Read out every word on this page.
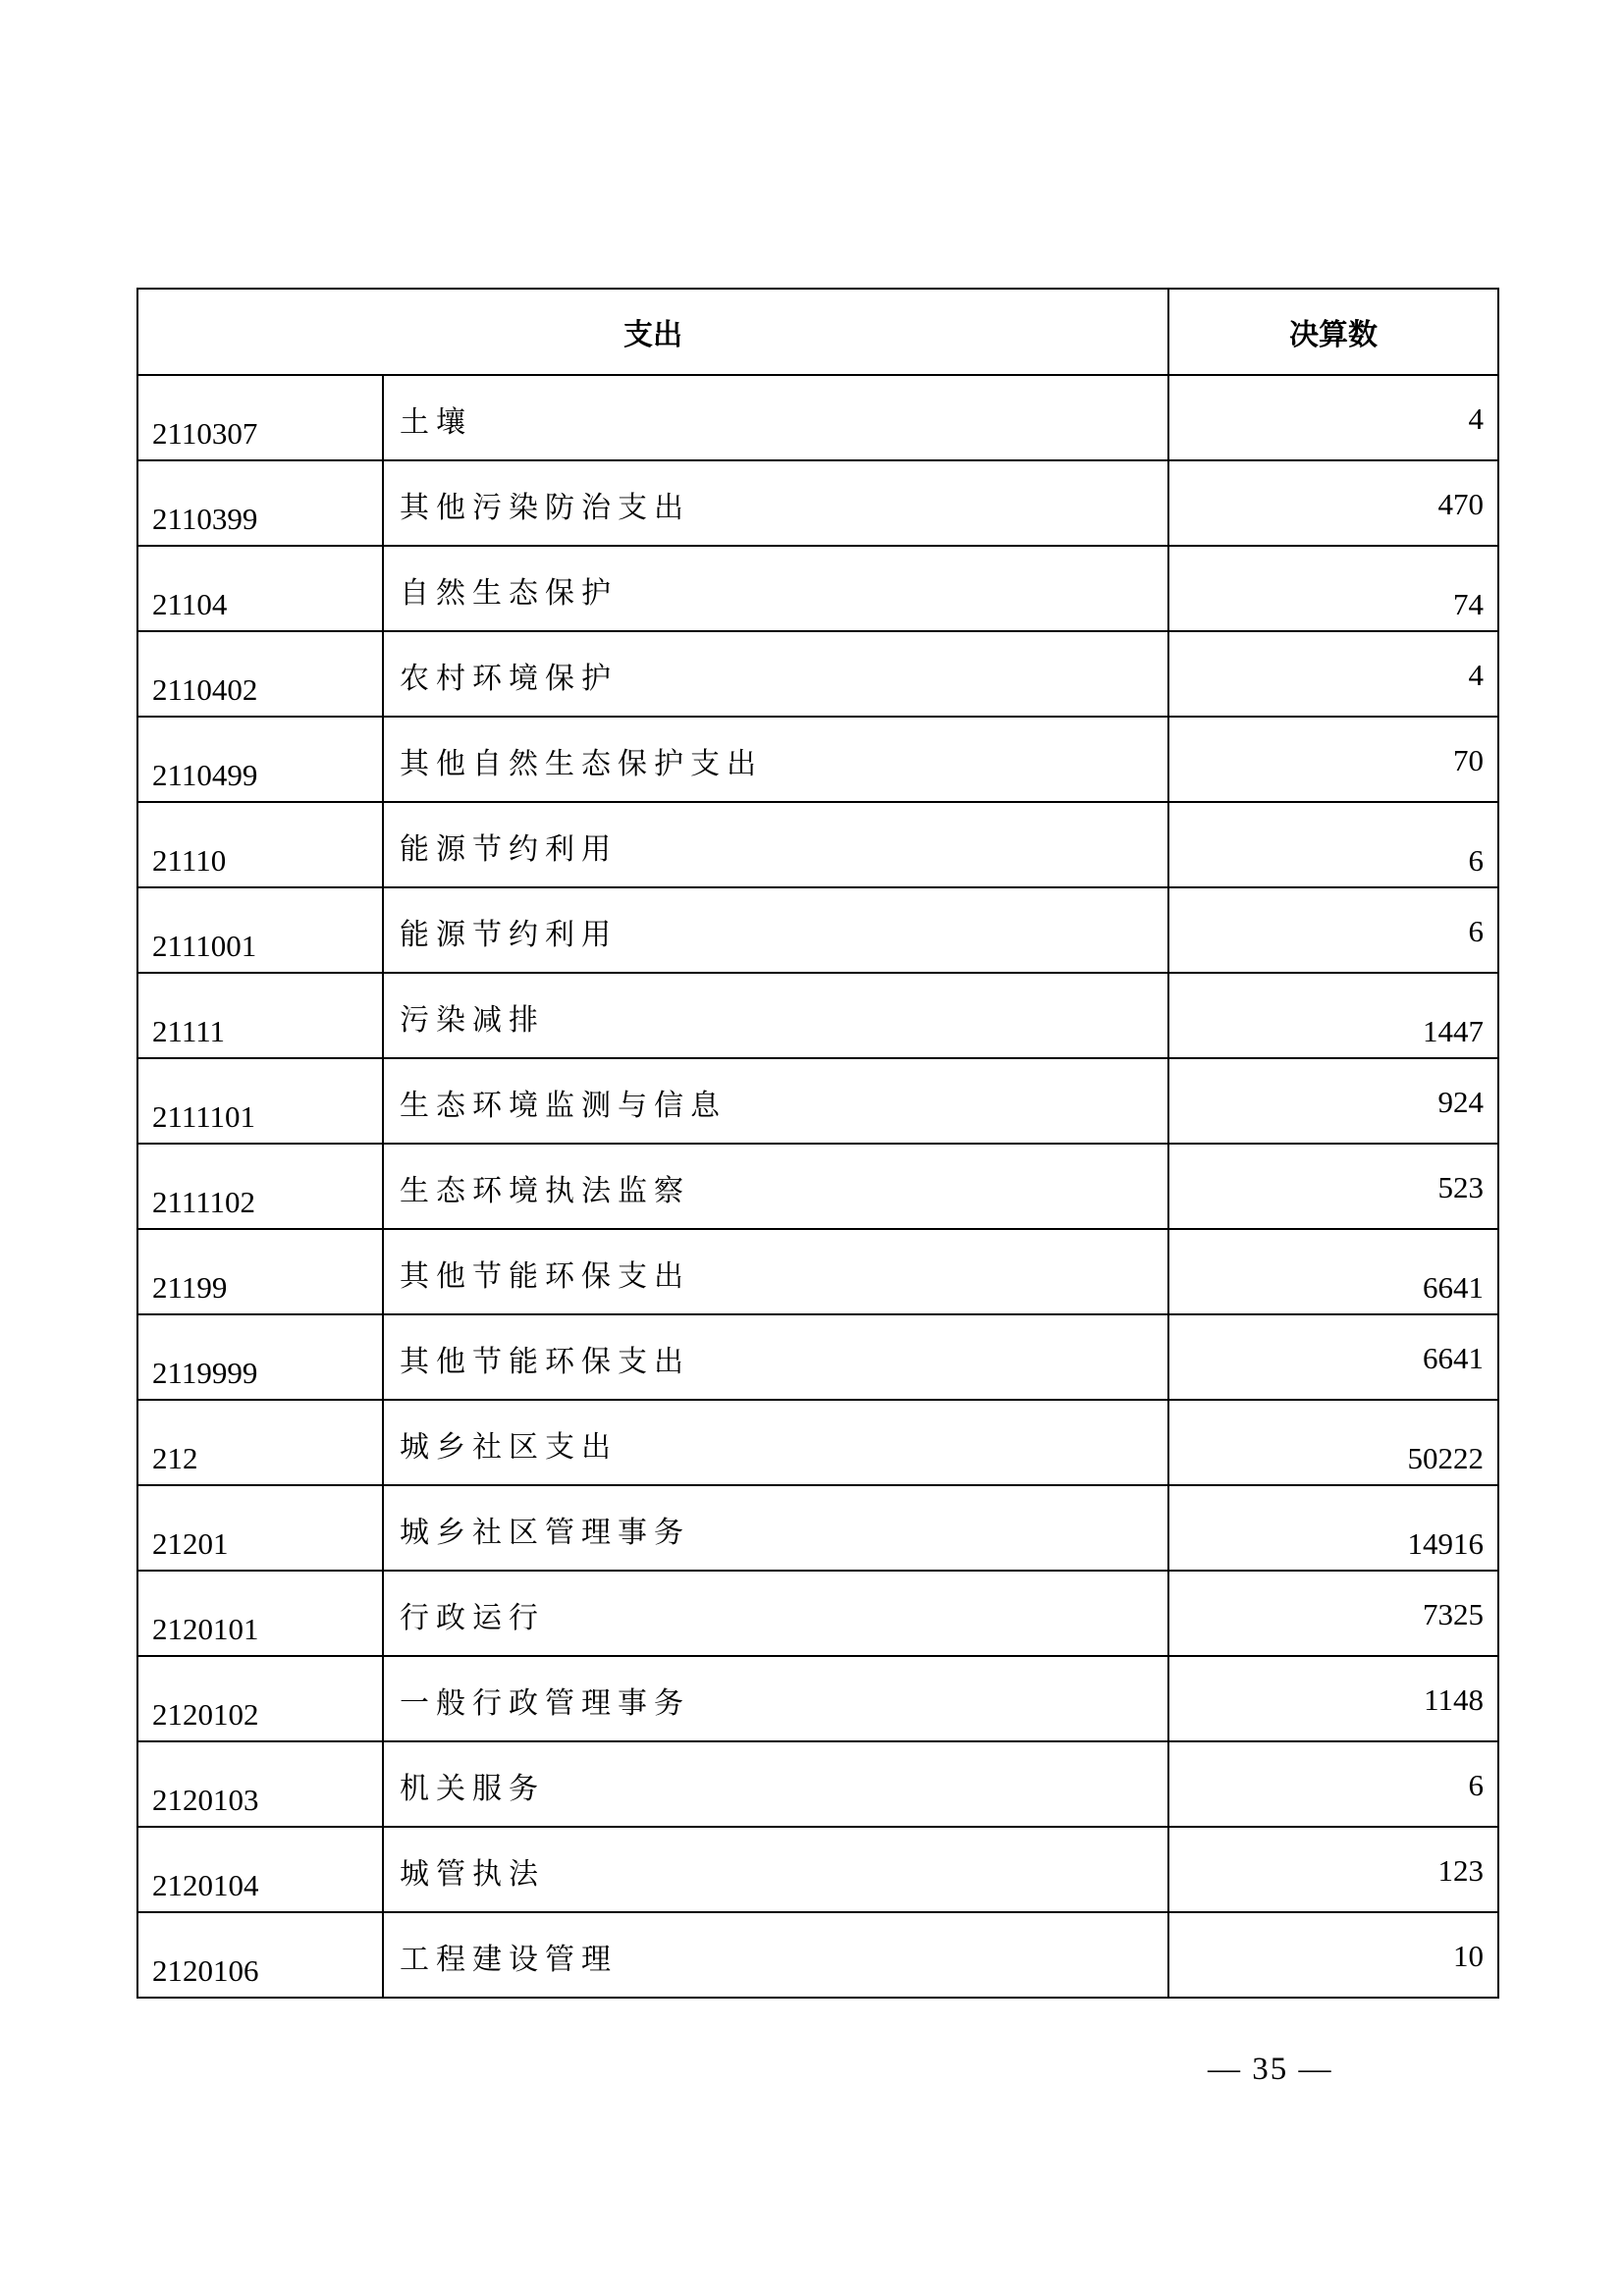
支出		决算数

2110307	土壤	4

2110399	其他污染防治支出	470

21104	自然生态保护	74

2110402	农村环境保护	4

2110499	其他自然生态保护支出	70

21110	能源节约利用	6

2111001	能源节约利用	6

21111	污染减排	1447

2111101	生态环境监测与信息	924

2111102	生态环境执法监察	523

21199	其他节能环保支出	6641

2119999	其他节能环保支出	6641

212	城乡社区支出	50222

21201	城乡社区管理事务	14916

2120101	行政运行	7325

2120102	一般行政管理事务	1148

2120103	机关服务	6

2120104	城管执法	123

2120106	工程建设管理	10
— 35 —
